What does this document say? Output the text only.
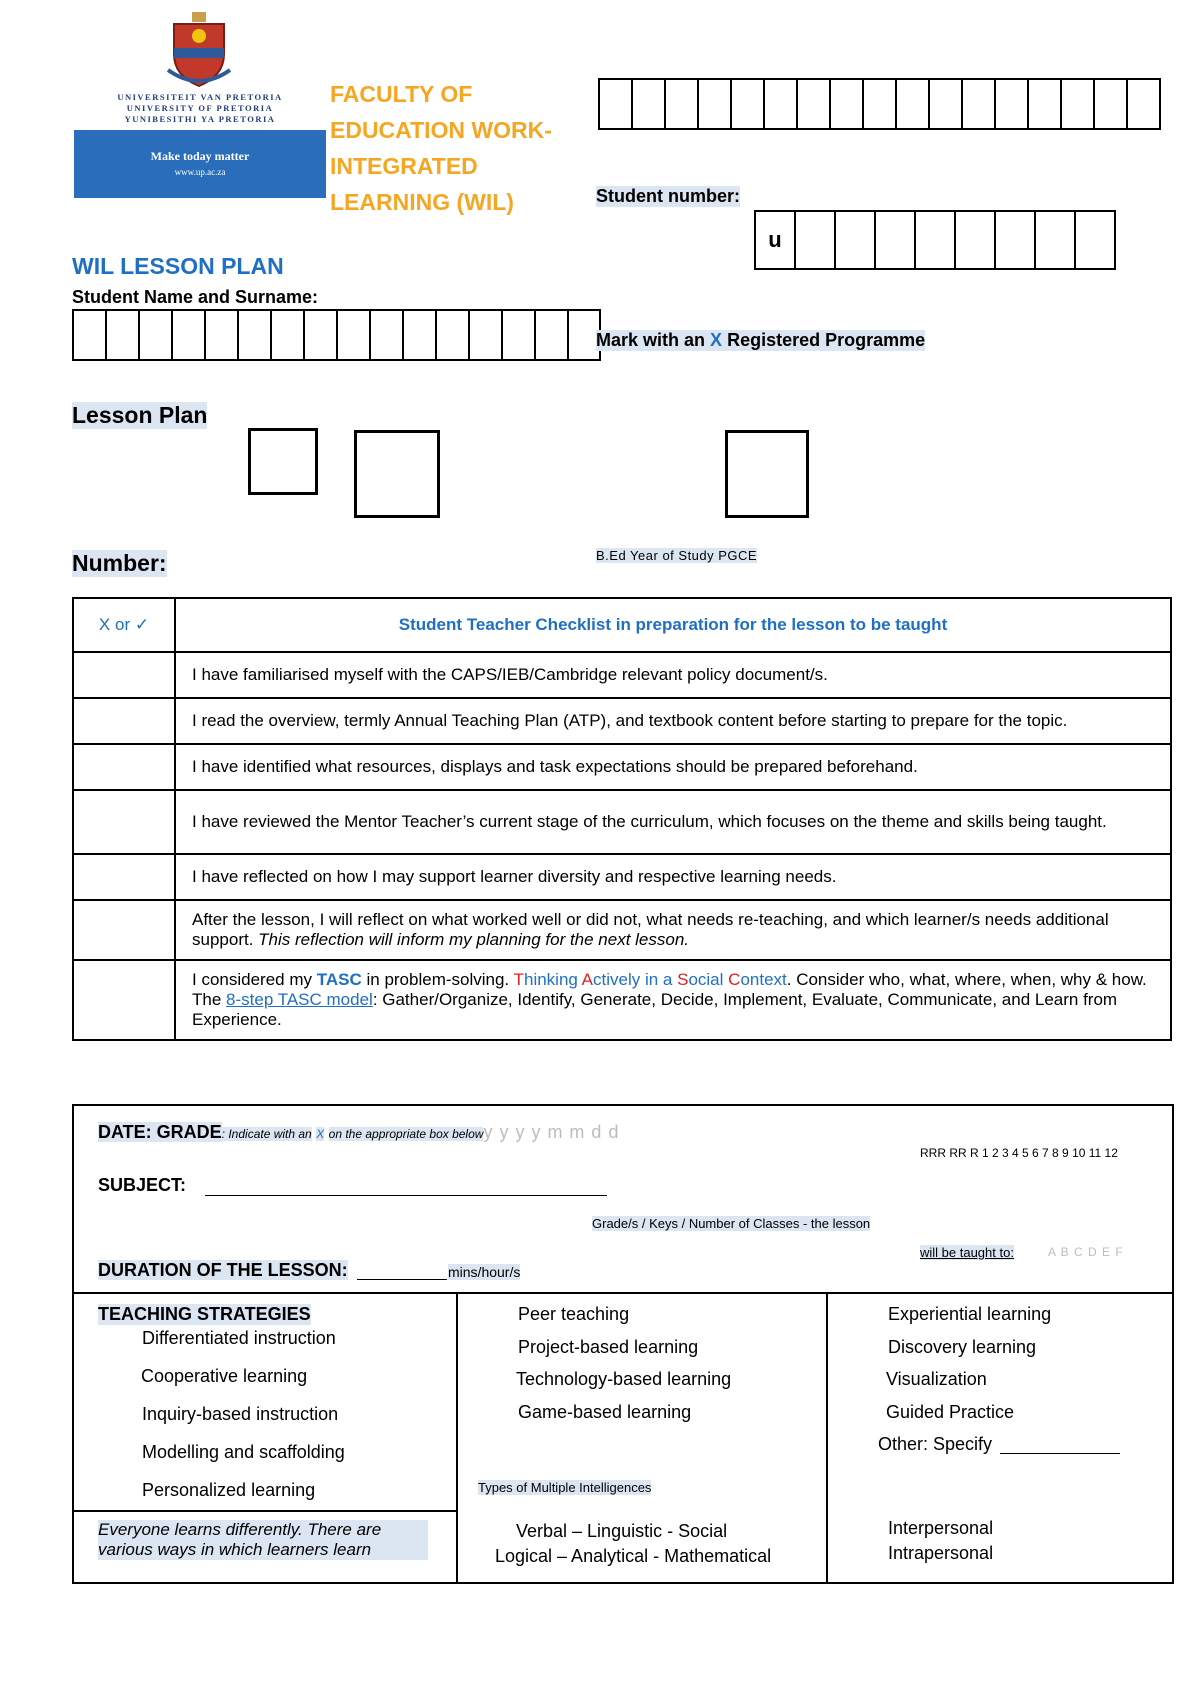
UNIVERSITEIT VAN PRETORIA
UNIVERSITY OF PRETORIA
YUNIBESITHI YA PRETORIA
Make today matter
www.up.ac.za
FACULTY OF
EDUCATION WORK-
INTEGRATED
LEARNING (WIL)	Student number:
u
WIL LESSON PLAN
Student Name and Surname:
Mark with an X Registered Programme
Lesson Plan
Number:	B.Ed Year of Study PGCE
X or ✓	Student Teacher Checklist in preparation for the lesson to be taught
	I have familiarised myself with the CAPS/IEB/Cambridge relevant policy document/s.
	I read the overview, termly Annual Teaching Plan (ATP), and textbook content before starting to prepare for the topic.
	I have identified what resources, displays and task expectations should be prepared beforehand.
	I have reviewed the Mentor Teacher’s current stage of the curriculum, which focuses on the theme and skills being taught.
	I have reflected on how I may support learner diversity and respective learning needs.
	After the lesson, I will reflect on what worked well or did not, what needs re-teaching, and which learner/s needs additional support. This reflection will inform my planning for the next lesson.
	I considered my TASC in problem-solving. Thinking Actively in a Social Context. Consider who, what, where, when, why & how. The 8-step TASC model: Gather/Organize, Identify, Generate, Decide, Implement, Evaluate, Communicate, and Learn from Experience.
DATE: GRADE: Indicate with an X on the appropriate box belowy y y y m m d d
RRR RR R 1 2 3 4 5 6 7 8 9 10 11 12
SUBJECT:
Grade/s / Keys / Number of Classes - the lesson
will be taught to:	A B C D E F
DURATION OF THE LESSON:	mins/hour/s
TEACHING STRATEGIES
Differentiated instruction
Cooperative learning
Inquiry-based instruction
Modelling and scaffolding
Personalized learning
Peer teaching
Project-based learning
Technology-based learning
Game-based learning
Experiential learning
Discovery learning
Visualization
Guided Practice
Other: Specify
Types of Multiple Intelligences
Everyone learns differently. There are various ways in which learners learn
Verbal – Linguistic - Social
Logical – Analytical - Mathematical
Interpersonal
Intrapersonal
